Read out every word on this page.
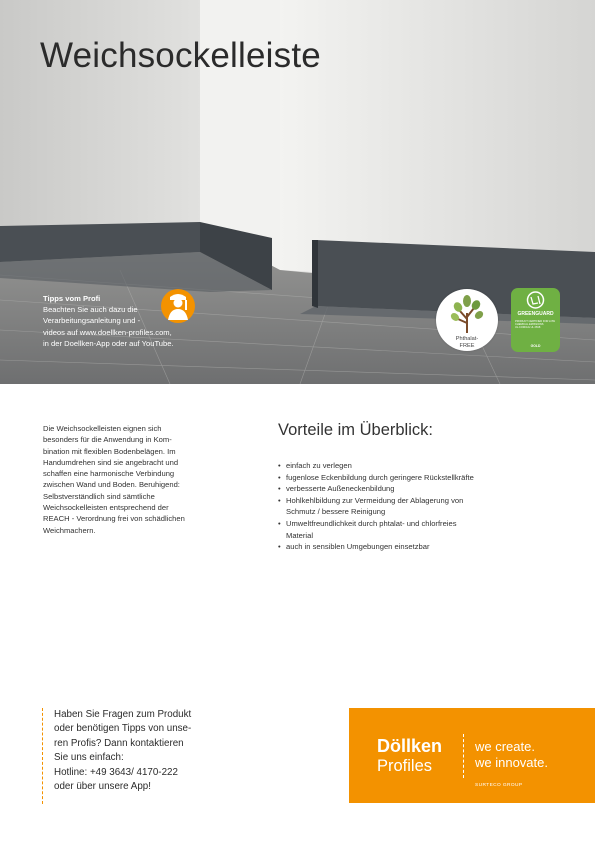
Weichsockelleiste
Tipps vom Profi
Beachten Sie auch dazu die
Verarbeitungsanleitung und -
videos auf www.doellken-profiles.com,
in der Doellken-App oder auf YouTube.	Phthalat-
FREE
GREENGUARD
PRODUCT CERTIFIED FOR LOW CHEMICAL EMISSIONS UL.COM/GG UL 2818
GOLD
Die Weichsockelleisten eignen sich
besonders für die Anwendung in Kom-
bination mit flexiblen Bodenbelägen. Im
Handumdrehen sind sie angebracht und
schaffen eine harmonische Verbindung
zwischen Wand und Boden. Beruhigend:
Selbstverständlich sind sämtliche
Weichsockelleisten entsprechend der
REACH - Verordnung frei von schädlichen
Weichmachern.
Vorteile im Überblick:
• einfach zu verlegen
• fugenlose Eckenbildung durch geringere Rückstellkräfte
• verbesserte Außeneckenbildung
• Hohlkehlbildung zur Vermeidung der Ablagerung von
Schmutz / bessere Reinigung
• Umweltfreundlichkeit durch phtalat- und chlorfreies
Material
• auch in sensiblen Umgebungen einsetzbar
Haben Sie Fragen zum Produkt
oder benötigen Tipps von unse-
ren Profis? Dann kontaktieren
Sie uns einfach:
Hotline: +49 3643/ 4170-222
oder über unsere App!
Döllken
Profiles
we create.
we innovate.
SURTECO GROUP
